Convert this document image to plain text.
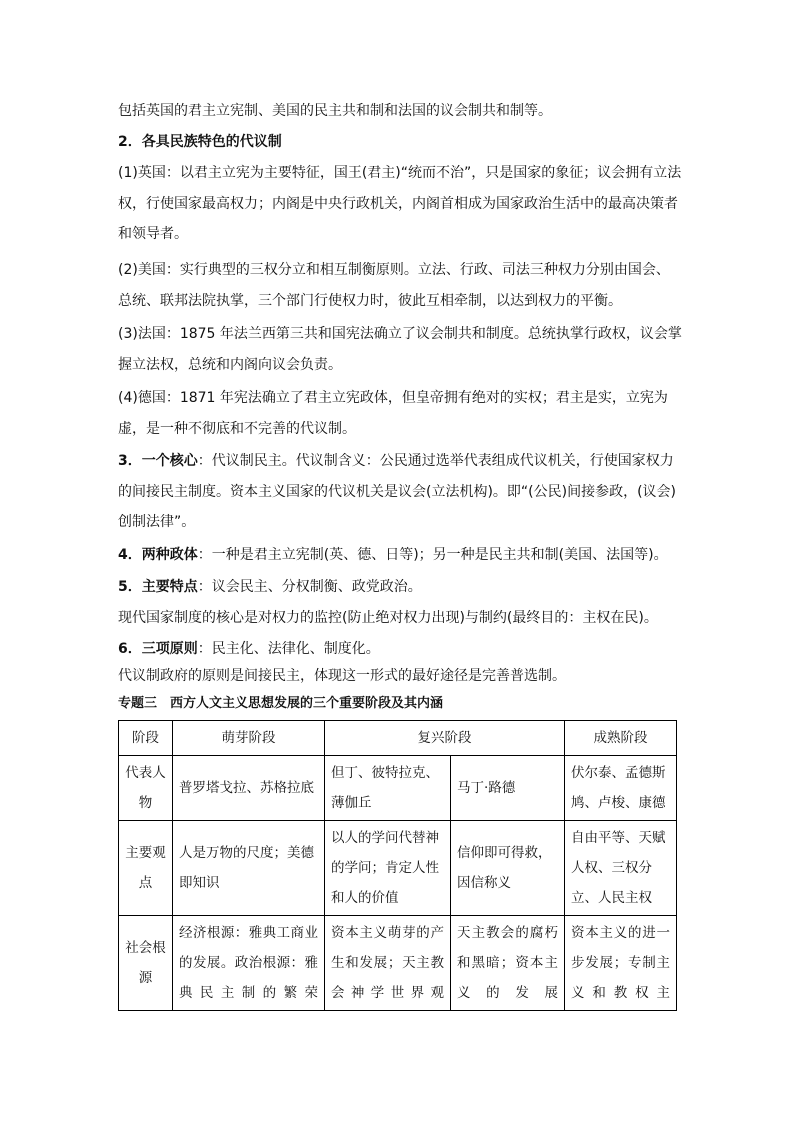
包括英国的君主立宪制、美国的民主共和制和法国的议会制共和制等。
2．各具民族特色的代议制
(1)英国：以君主立宪为主要特征，国王(君主)“统而不治”，只是国家的象征；议会拥有立法权，行使国家最高权力；内阁是中央行政机关，内阁首相成为国家政治生活中的最高决策者和领导者。
(2)美国：实行典型的三权分立和相互制衡原则。立法、行政、司法三种权力分别由国会、总统、联邦法院执掌，三个部门行使权力时，彼此互相牵制，以达到权力的平衡。
(3)法国：1875 年法兰西第三共和国宪法确立了议会制共和制度。总统执掌行政权，议会掌握立法权，总统和内阁向议会负责。
(4)德国：1871 年宪法确立了君主立宪政体，但皇帝拥有绝对的实权；君主是实，立宪为虚，是一种不彻底和不完善的代议制。
3．一个核心：代议制民主。代议制含义：公民通过选举代表组成代议机关，行使国家权力的间接民主制度。资本主义国家的代议机关是议会(立法机构)。即“(公民)间接参政，(议会)创制法律”。
4．两种政体：一种是君主立宪制(英、德、日等)；另一种是民主共和制(美国、法国等)。
5．主要特点：议会民主、分权制衡、政党政治。
现代国家制度的核心是对权力的监控(防止绝对权力出现)与制约(最终目的：主权在民)。
6．三项原则：民主化、法律化、制度化。
代议制政府的原则是间接民主，体现这一形式的最好途径是完善普选制。
专题三　西方人文主义思想发展的三个重要阶段及其内涵
阶段	萌芽阶段	复兴阶段		成熟阶段
代表人物	普罗塔戈拉、苏格拉底	但丁、彼特拉克、薄伽丘	马丁·路德	伏尔泰、孟德斯鸠、卢梭、康德
主要观点	人是万物的尺度；美德即知识	以人的学问代替神的学问；肯定人性和人的价值	信仰即可得救，因信称义	自由平等、天赋人权、三权分立、人民主权
社会根源	经济根源：雅典工商业的发展。政治根源：雅典民主制的繁荣	资本主义萌芽的产生和发展；天主教会神学世界观	天主教会的腐朽和黑暗；资本主义的发展	资本主义的进一步发展；专制主义和教权主
